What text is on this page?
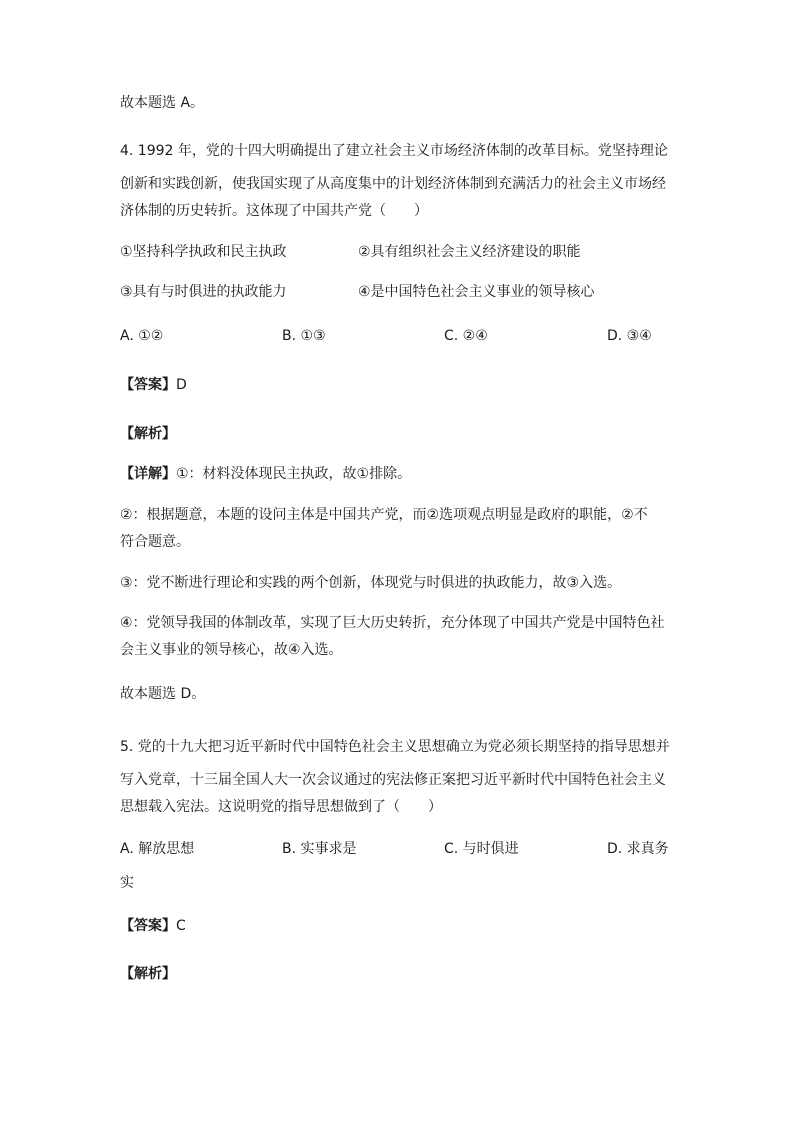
故本题选 A。
4. 1992 年，党的十四大明确提出了建立社会主义市场经济体制的改革目标。党坚持理论
创新和实践创新，使我国实现了从高度集中的计划经济体制到充满活力的社会主义市场经
济体制的历史转折。这体现了中国共产党（　　）
①坚持科学执政和民主执政	②具有组织社会主义经济建设的职能
③具有与时俱进的执政能力	④是中国特色社会主义事业的领导核心
A. ①②	B. ①③	C. ②④	D. ③④
【答案】D
【解析】
【详解】①：材料没体现民主执政，故①排除。
②：根据题意，本题的设问主体是中国共产党，而②选项观点明显是政府的职能，②不
符合题意。
③：党不断进行理论和实践的两个创新，体现党与时俱进的执政能力，故③入选。
④：党领导我国的体制改革，实现了巨大历史转折，充分体现了中国共产党是中国特色社
会主义事业的领导核心，故④入选。
故本题选 D。
5. 党的十九大把习近平新时代中国特色社会主义思想确立为党必须长期坚持的指导思想并
写入党章，十三届全国人大一次会议通过的宪法修正案把习近平新时代中国特色社会主义
思想载入宪法。这说明党的指导思想做到了（　　）
A. 解放思想	B. 实事求是	C. 与时俱进	D. 求真务
实
【答案】C
【解析】
